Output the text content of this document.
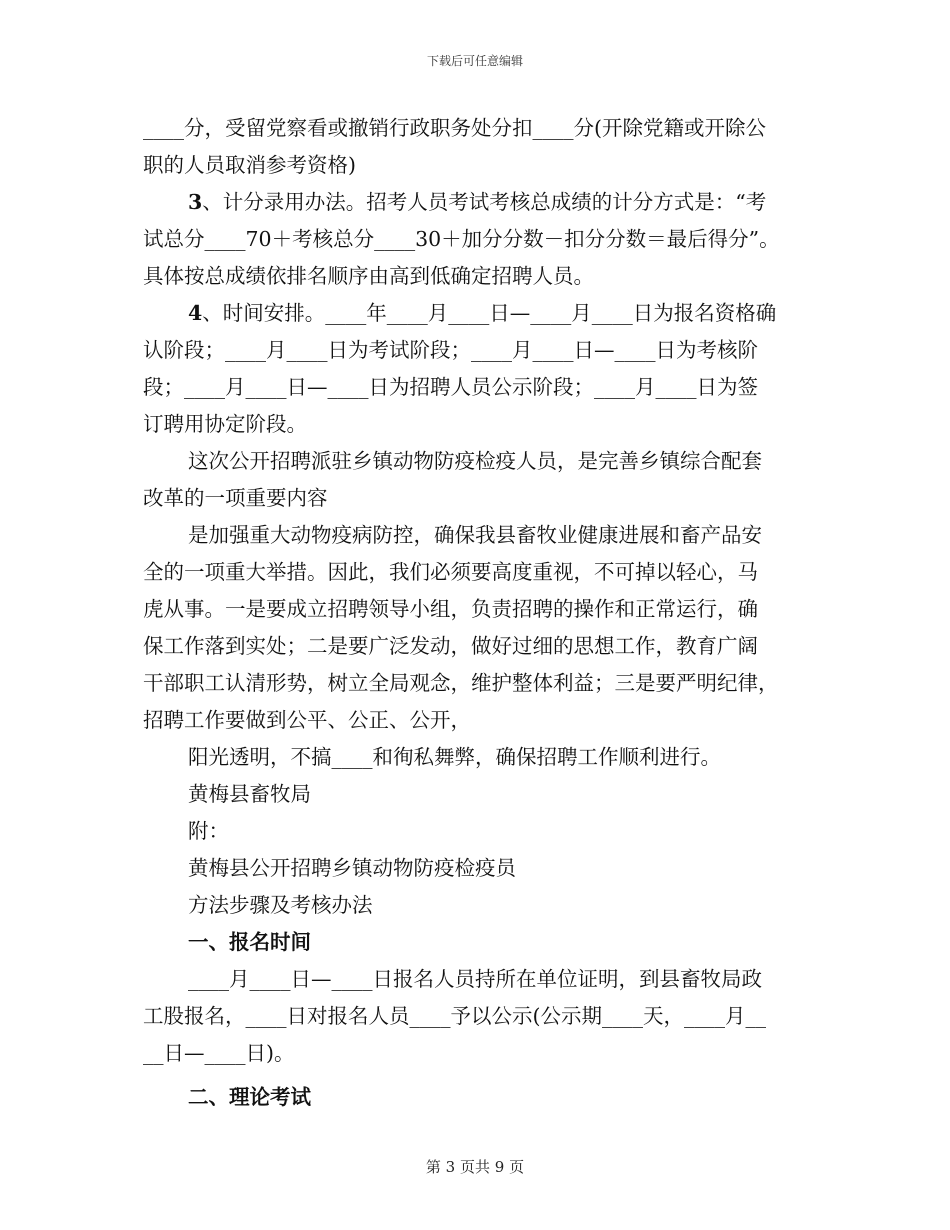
下载后可任意编辑

____分，受留党察看或撤销行政职务处分扣____分(开除党籍或开除公

职的人员取消参考资格)

3、计分录用办法。招考人员考试考核总成绩的计分方式是：“考

试总分____70＋考核总分____30＋加分分数－扣分分数＝最后得分”。

具体按总成绩依排名顺序由高到低确定招聘人员。

4、时间安排。____年____月____日—____月____日为报名资格确

认阶段；____月____日为考试阶段；____月____日—____日为考核阶

段；____月____日—____日为招聘人员公示阶段；____月____日为签

订聘用协定阶段。

这次公开招聘派驻乡镇动物防疫检疫人员，是完善乡镇综合配套

改革的一项重要内容

是加强重大动物疫病防控，确保我县畜牧业健康进展和畜产品安

全的一项重大举措。因此，我们必须要高度重视，不可掉以轻心，马

虎从事。一是要成立招聘领导小组，负责招聘的操作和正常运行，确

保工作落到实处；二是要广泛发动，做好过细的思想工作，教育广阔

干部职工认清形势，树立全局观念，维护整体利益；三是要严明纪律，

招聘工作要做到公平、公正、公开，

阳光透明，不搞____和徇私舞弊，确保招聘工作顺利进行。

黄梅县畜牧局

附：

黄梅县公开招聘乡镇动物防疫检疫员

方法步骤及考核办法

一、报名时间

____月____日—____日报名人员持所在单位证明，到县畜牧局政

工股报名，____日对报名人员____予以公示(公示期____天，____月__

__日—____日)。

二、理论考试

第 3 页共 9 页
